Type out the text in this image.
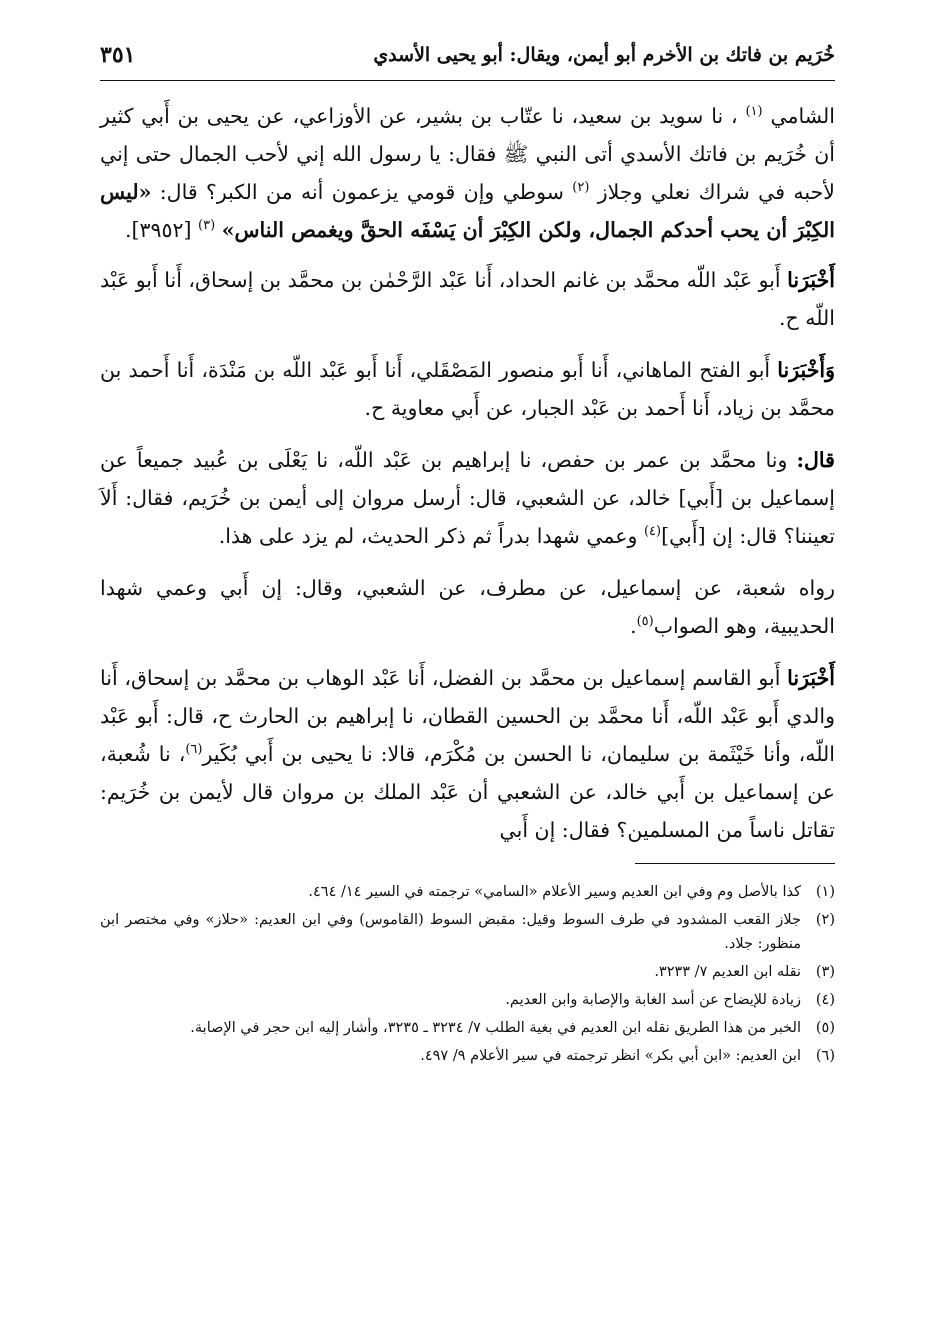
خُرَيم بن فاتك بن الأخرم أبو أيمن، ويقال: أبو يحيى الأسدي
٣٥١

الشامي $^{(١)}$ ، نا سويد بن سعيد، نا عتّاب بن بشير، عن الأوزاعي، عن يحيى بن أَبي كثير أن خُرَيم بن فاتك الأسدي أتى النبي ﷺ فقال: يا رسول الله إني لأحب الجمال حتى إني لأحبه في شراك نعلي وجلاز $^{(٢)}$ سوطي وإن قومي يزعمون أنه من الكبر؟ قال: «ليس الكِبْرَ أن يحب أحدكم الجمال، ولكن الكِبْرَ أن يَسْفَه الحقَّ ويغمص الناس» $^{(٣)}$ [٣٩٥٢].

أَخْبَرَنا أَبو عَبْد اللّه محمَّد بن غانم الحداد، أَنا عَبْد الرَّحْمٰن بن محمَّد بن إسحاق، أَنا أَبو عَبْد اللّه ح.

وَأَخْبَرَنا أَبو الفتح الماهاني، أَنا أَبو منصور المَصْقَلي، أَنا أَبو عَبْد اللّه بن مَنْدَة، أَنا أَحمد بن محمَّد بن زياد، أَنا أَحمد بن عَبْد الجبار، عن أَبي معاوية ح.

قال: ونا محمَّد بن عمر بن حفص، نا إبراهيم بن عَبْد اللّه، نا يَعْلَى بن عُبيد جميعاً عن إسماعيل بن [أَبي] خالد، عن الشعبي، قال: أرسل مروان إلى أيمن بن خُرَيم، فقال: أَلاَ تعيننا؟ قال: إن [أَبي]$^{(٤)}$ وعمي شهدا بدراً ثم ذكر الحديث، لم يزد على هذا.

رواه شعبة، عن إسماعيل، عن مطرف، عن الشعبي، وقال: إن أَبي وعمي شهدا الحديبية، وهو الصواب$^{(٥)}$.

أَخْبَرَنا أَبو القاسم إسماعيل بن محمَّد بن الفضل، أَنا عَبْد الوهاب بن محمَّد بن إسحاق، أَنا والدي أَبو عَبْد اللّه، أَنا محمَّد بن الحسين القطان، نا إبراهيم بن الحارث ح، قال: أَبو عَبْد اللّه، وأنا خَيْثَمة بن سليمان، نا الحسن بن مُكْرَم، قالا: نا يحيى بن أَبي بُكَير$^{(٦)}$، نا شُعبة، عن إسماعيل بن أَبي خالد، عن الشعبي أن عَبْد الملك بن مروان قال لأيمن بن خُرَيم: تقاتل ناساً من المسلمين؟ فقال: إن أَبي

(١)
كذا بالأصل وم وفي ابن العديم وسير الأعلام «السامي» ترجمته في السير ١٤/ ٤٦٤.
(٢)
جلاز القعب المشدود في طرف السوط وقيل: مقبض السوط (القاموس) وفي ابن العديم: «حلاز» وفي مختصر ابن منظور: جلاد.
(٣)
نقله ابن العديم ٧/ ٣٢٣٣.
(٤)
زيادة للإيضاح عن أسد الغابة والإصابة وابن العديم.
(٥)
الخبر من هذا الطريق نقله ابن العديم في بغية الطلب ٧/ ٣٢٣٤ ـ ٣٢٣٥، وأشار إليه ابن حجر في الإصابة.
(٦)
ابن العديم: «ابن أبي بكر» انظر ترجمته في سير الأعلام ٩/ ٤٩٧.
